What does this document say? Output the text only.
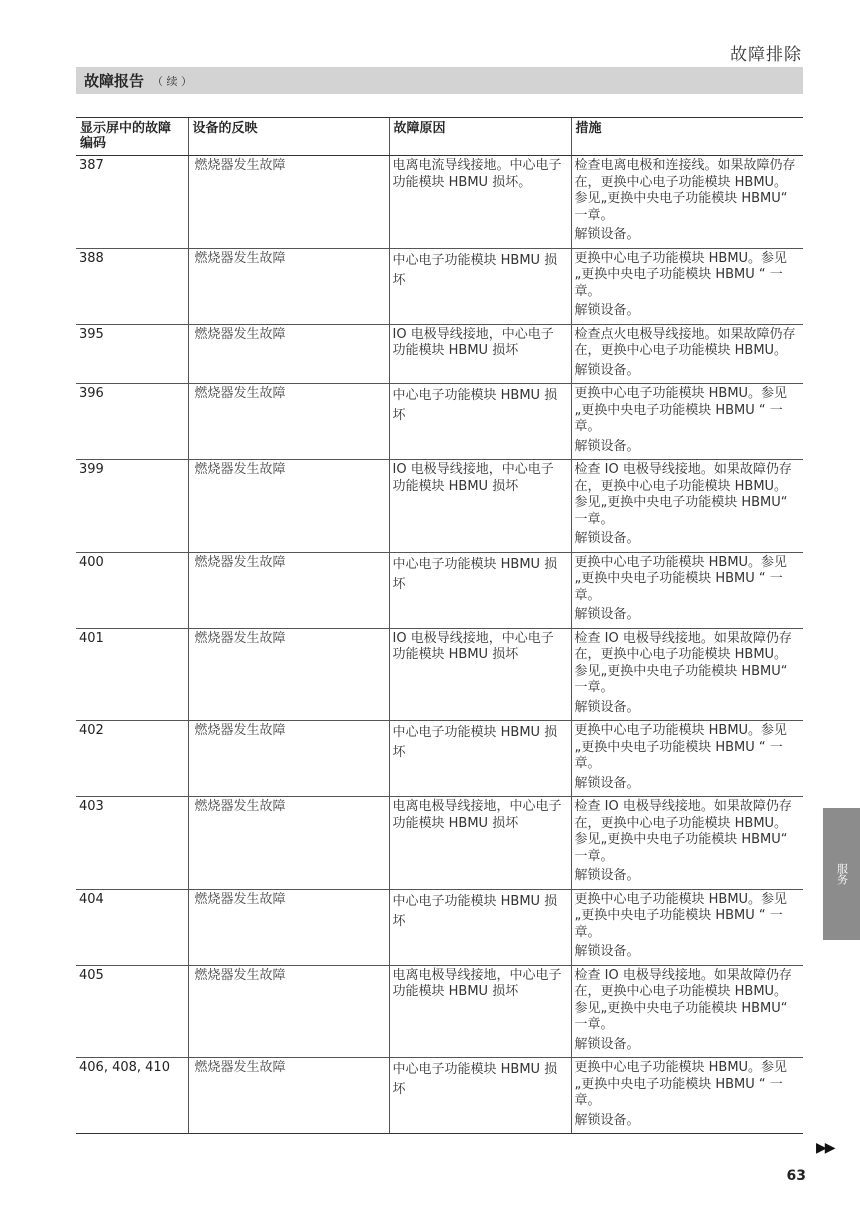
故障排除
故障报告 （ 续 ）
显示屏中的故障编码	设备的反映	故障原因	措施
387	燃烧器发生故障	电离电流导线接地。中心电子功能模块 HBMU 损坏。	检查电离电极和连接线。如果故障仍存在，更换中心电子功能模块 HBMU。参见„更换中央电子功能模块 HBMU“ 一章。
解锁设备。

388	燃烧器发生故障	中心电子功能模块 HBMU 损坏	更换中心电子功能模块 HBMU。参见„更换中央电子功能模块 HBMU “ 一章。
解锁设备。

395	燃烧器发生故障	IO 电极导线接地，中心电子功能模块 HBMU 损坏	检查点火电极导线接地。如果故障仍存在，更换中心电子功能模块 HBMU。
解锁设备。

396	燃烧器发生故障	中心电子功能模块 HBMU 损坏	更换中心电子功能模块 HBMU。参见„更换中央电子功能模块 HBMU “ 一章。
解锁设备。

399	燃烧器发生故障	IO 电极导线接地，中心电子功能模块 HBMU 损坏	检查 IO 电极导线接地。如果故障仍存在，更换中心电子功能模块 HBMU。参见„更换中央电子功能模块 HBMU“ 一章。
解锁设备。

400	燃烧器发生故障	中心电子功能模块 HBMU 损坏	更换中心电子功能模块 HBMU。参见„更换中央电子功能模块 HBMU “ 一章。
解锁设备。

401	燃烧器发生故障	IO 电极导线接地，中心电子功能模块 HBMU 损坏	检查 IO 电极导线接地。如果故障仍存在，更换中心电子功能模块 HBMU。参见„更换中央电子功能模块 HBMU“ 一章。
解锁设备。

402	燃烧器发生故障	中心电子功能模块 HBMU 损坏	更换中心电子功能模块 HBMU。参见„更换中央电子功能模块 HBMU “ 一章。
解锁设备。

403	燃烧器发生故障	电离电极导线接地，中心电子功能模块 HBMU 损坏	检查 IO 电极导线接地。如果故障仍存在，更换中心电子功能模块 HBMU。参见„更换中央电子功能模块 HBMU“ 一章。
解锁设备。

404	燃烧器发生故障	中心电子功能模块 HBMU 损坏	更换中心电子功能模块 HBMU。参见„更换中央电子功能模块 HBMU “ 一章。
解锁设备。

405	燃烧器发生故障	电离电极导线接地，中心电子功能模块 HBMU 损坏	检查 IO 电极导线接地。如果故障仍存在，更换中心电子功能模块 HBMU。参见„更换中央电子功能模块 HBMU“ 一章。
解锁设备。

406, 408, 410	燃烧器发生故障	中心电子功能模块 HBMU 损坏	更换中心电子功能模块 HBMU。参见„更换中央电子功能模块 HBMU “ 一章。
解锁设备。
服务
▶▶
63
